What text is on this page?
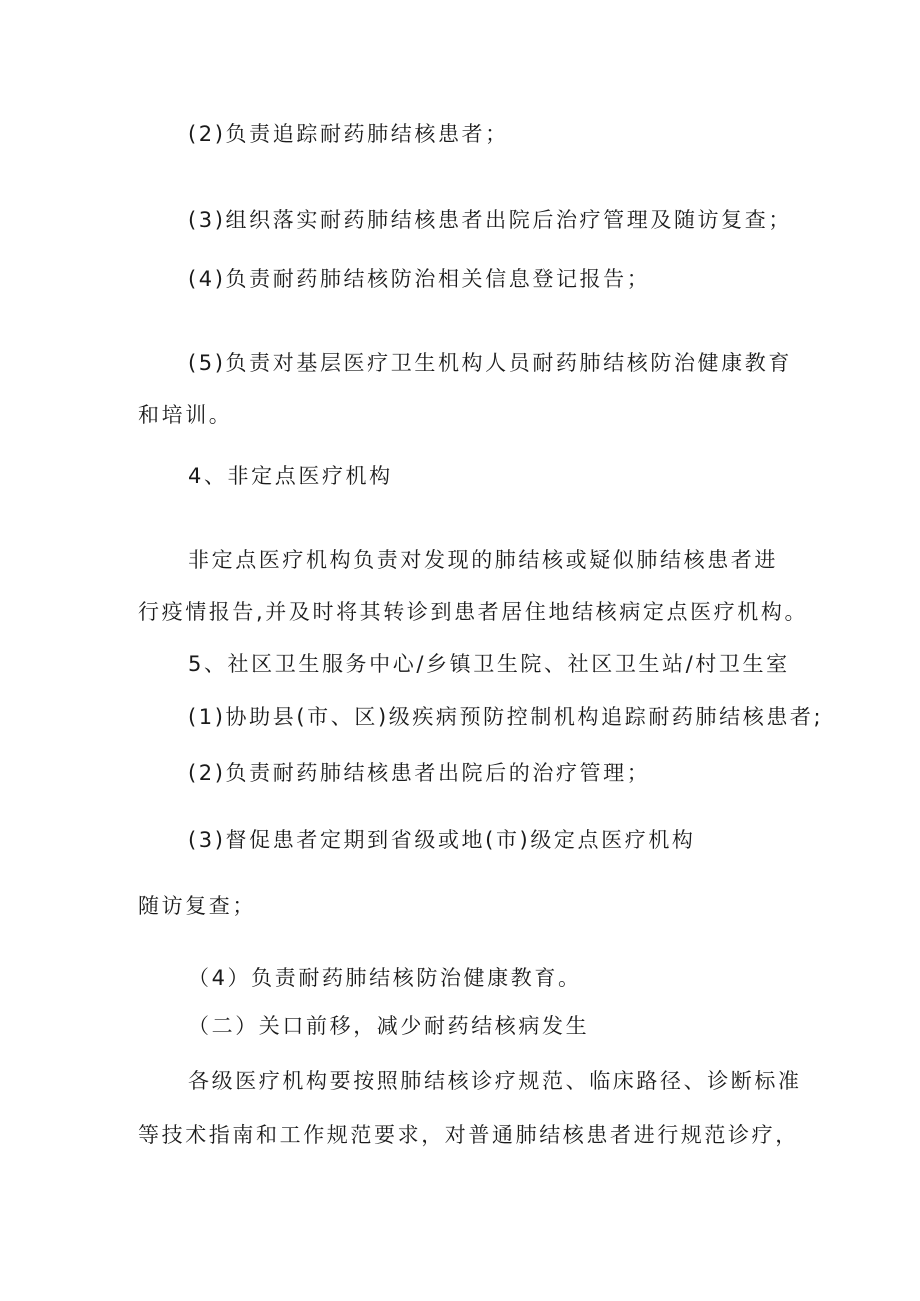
(2)负责追踪耐药肺结核患者；
(3)组织落实耐药肺结核患者出院后治疗管理及随访复查；
(4)负责耐药肺结核防治相关信息登记报告；
(5)负责对基层医疗卫生机构人员耐药肺结核防治健康教育
和培训。
4、非定点医疗机构
非定点医疗机构负责对发现的肺结核或疑似肺结核患者进
行疫情报告,并及时将其转诊到患者居住地结核病定点医疗机构。
5、社区卫生服务中心/乡镇卫生院、社区卫生站/村卫生室
(1)协助县(市、区)级疾病预防控制机构追踪耐药肺结核患者;
(2)负责耐药肺结核患者出院后的治疗管理；
(3)督促患者定期到省级或地(市)级定点医疗机构
随访复查；
（4）负责耐药肺结核防治健康教育。
（二）关口前移，减少耐药结核病发生
各级医疗机构要按照肺结核诊疗规范、临床路径、诊断标准
等技术指南和工作规范要求，对普通肺结核患者进行规范诊疗，
